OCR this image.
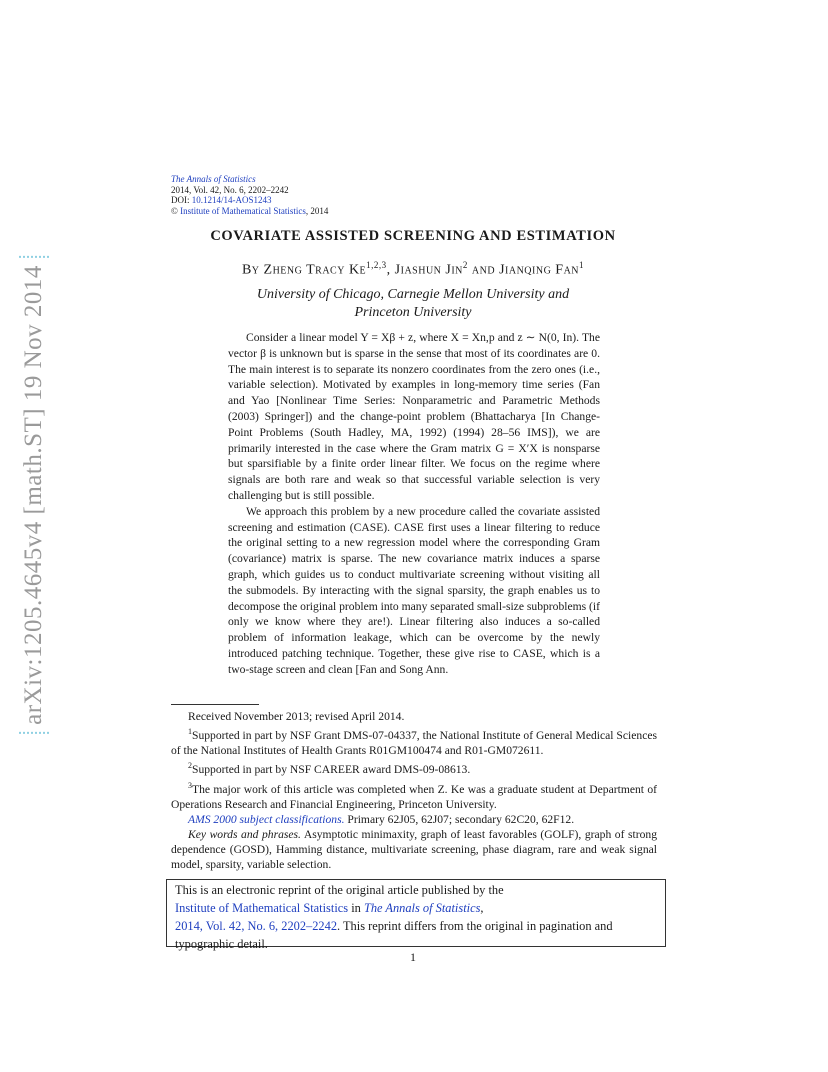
arXiv:1205.4645v4 [math.ST] 19 Nov 2014
The Annals of Statistics
2014, Vol. 42, No. 6, 2202–2242
DOI: 10.1214/14-AOS1243
© Institute of Mathematical Statistics, 2014
COVARIATE ASSISTED SCREENING AND ESTIMATION
By Zheng Tracy Ke$^{1,2,3}$, Jiashun Jin$^2$ and Jianqing Fan$^1$
University of Chicago, Carnegie Mellon University and
Princeton University

Consider a linear model Y = Xβ + z, where X = Xn,p and z ∼ N(0, In). The vector β is unknown but is sparse in the sense that most of its coordinates are 0. The main interest is to separate its nonzero coordinates from the zero ones (i.e., variable selection). Motivated by examples in long-memory time series (Fan and Yao [Nonlinear Time Series: Nonparametric and Parametric Methods (2003) Springer]) and the change-point problem (Bhattacharya [In Change-Point Problems (South Hadley, MA, 1992) (1994) 28–56 IMS]), we are primarily interested in the case where the Gram matrix G = X′X is nonsparse but sparsifiable by a finite order linear filter. We focus on the regime where signals are both rare and weak so that successful variable selection is very challenging but is still possible.

We approach this problem by a new procedure called the covariate assisted screening and estimation (CASE). CASE first uses a linear filtering to reduce the original setting to a new regression model where the corresponding Gram (covariance) matrix is sparse. The new covariance matrix induces a sparse graph, which guides us to conduct multivariate screening without visiting all the submodels. By interacting with the signal sparsity, the graph enables us to decompose the original problem into many separated small-size subproblems (if only we know where they are!). Linear filtering also induces a so-called problem of information leakage, which can be overcome by the newly introduced patching technique. Together, these give rise to CASE, which is a two-stage screen and clean [Fan and Song Ann.

Received November 2013; revised April 2014.

$^1$Supported in part by NSF Grant DMS-07-04337, the National Institute of General Medical Sciences of the National Institutes of Health Grants R01GM100474 and R01-GM072611.

$^2$Supported in part by NSF CAREER award DMS-09-08613.

$^3$The major work of this article was completed when Z. Ke was a graduate student at Department of Operations Research and Financial Engineering, Princeton University.

AMS 2000 subject classifications. Primary 62J05, 62J07; secondary 62C20, 62F12.

Key words and phrases. Asymptotic minimaxity, graph of least favorables (GOLF), graph of strong dependence (GOSD), Hamming distance, multivariate screening, phase diagram, rare and weak signal model, sparsity, variable selection.

This is an electronic reprint of the original article published by the
Institute of Mathematical Statistics in The Annals of Statistics,
2014, Vol. 42, No. 6, 2202–2242. This reprint differs from the original in pagination and typographic detail.
1
